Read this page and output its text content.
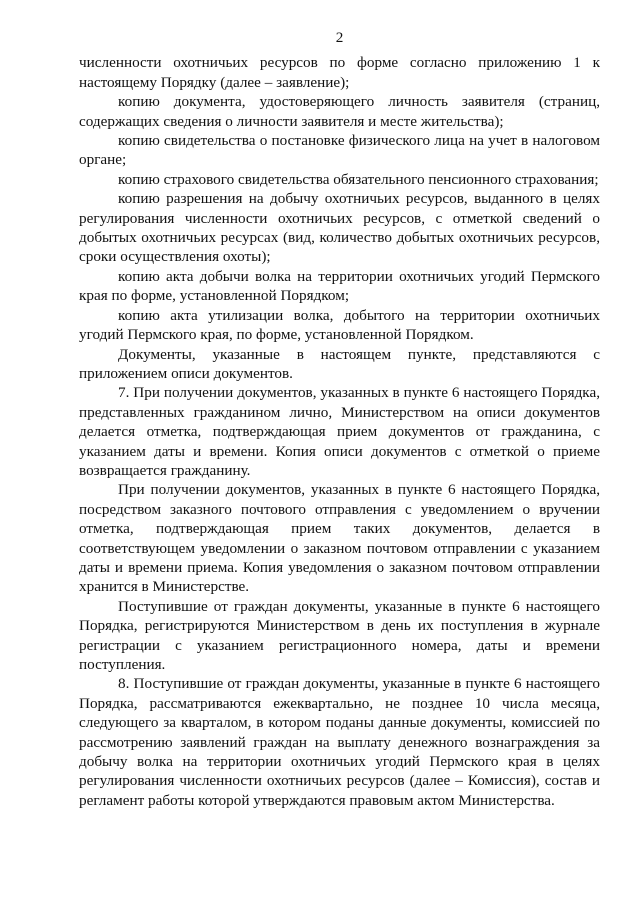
2

численности охотничьих ресурсов по форме согласно приложению 1 к настоящему Порядку (далее – заявление);

копию документа, удостоверяющего личность заявителя (страниц, содержащих сведения о личности заявителя и месте жительства);

копию свидетельства о постановке физического лица на учет в налоговом органе;

копию страхового свидетельства обязательного пенсионного страхования;

копию разрешения на добычу охотничьих ресурсов, выданного в целях регулирования численности охотничьих ресурсов, с отметкой сведений о добытых охотничьих ресурсах (вид, количество добытых охотничьих ресурсов, сроки осуществления охоты);

копию акта добычи волка на территории охотничьих угодий Пермского края по форме, установленной Порядком;

копию акта утилизации волка, добытого на территории охотничьих угодий Пермского края, по форме, установленной Порядком.

Документы, указанные в настоящем пункте, представляются с приложением описи документов.

7. При получении документов, указанных в пункте 6 настоящего Порядка, представленных гражданином лично, Министерством на описи документов делается отметка, подтверждающая прием документов от гражданина, с указанием даты и времени. Копия описи документов с отметкой о приеме возвращается гражданину.

При получении документов, указанных в пункте 6 настоящего Порядка, посредством заказного почтового отправления с уведомлением о вручении отметка, подтверждающая прием таких документов, делается в соответствующем уведомлении о заказном почтовом отправлении с указанием даты и времени приема. Копия уведомления о заказном почтовом отправлении хранится в Министерстве.

Поступившие от граждан документы, указанные в пункте 6 настоящего Порядка, регистрируются Министерством в день их поступления в журнале регистрации с указанием регистрационного номера, даты и времени поступления.

8. Поступившие от граждан документы, указанные в пункте 6 настоящего Порядка, рассматриваются ежеквартально, не позднее 10 числа месяца, следующего за кварталом, в котором поданы данные документы, комиссией по рассмотрению заявлений граждан на выплату денежного вознаграждения за добычу волка на территории охотничьих угодий Пермского края в целях регулирования численности охотничьих ресурсов (далее – Комиссия), состав и регламент работы которой утверждаются правовым актом Министерства.
